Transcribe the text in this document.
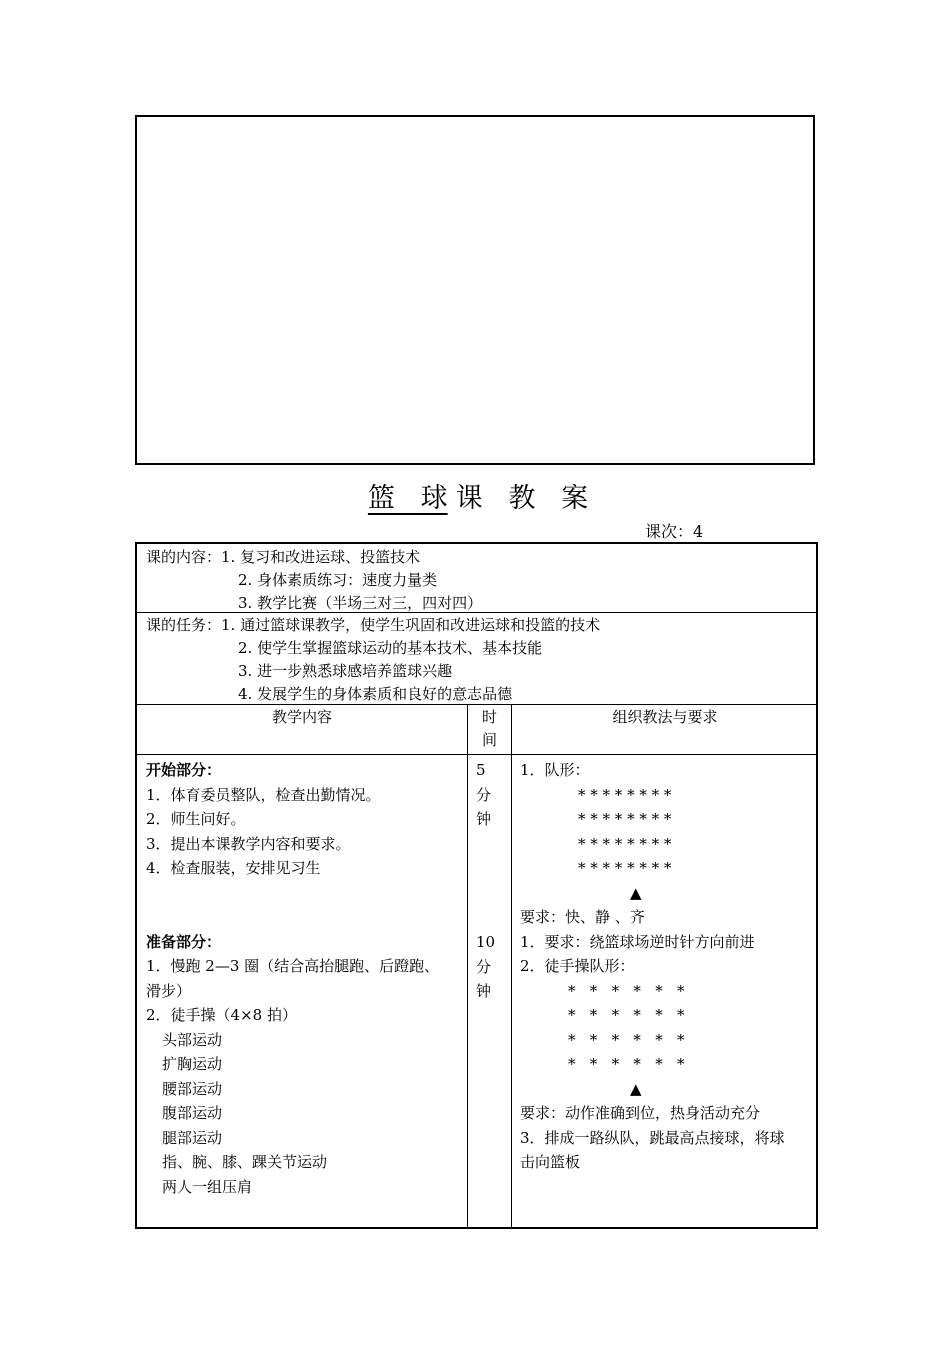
篮   球 课   教   案
课次：4
课的内容：1. 复习和改进运球、投篮技术
2. 身体素质练习：速度力量类
3. 教学比赛（半场三对三，四对四）
课的任务：1. 通过篮球课教学，使学生巩固和改进运球和投篮的技术
2. 使学生掌握篮球运动的基本技术、基本技能
3. 进一步熟悉球感培养篮球兴趣
4. 发展学生的身体素质和良好的意志品德
教学内容	时
间
组织教法与要求
开始部分：
1．体育委员整队，检查出勤情况。
2．师生问好。
3．提出本课教学内容和要求。
4．检查服装，安排见习生
准备部分：
1．慢跑 2—3 圈（结合高抬腿跑、后蹬跑、
滑步）
2．徒手操（4×8 拍）
头部运动
扩胸运动
腰部运动
腹部运动
腿部运动
指、腕、膝、踝关节运动
两人一组压肩
5
分
钟
10
分
钟
1．队形：
* * * * * * * *
* * * * * * * *
* * * * * * * *
* * * * * * * *
▲
要求：快、静 、齐
1．要求：绕篮球场逆时针方向前进
2．徒手操队形：
*   *   *   *   *   *
*   *   *   *   *   *
*   *   *   *   *   *
*   *   *   *   *   *
▲
要求：动作准确到位，热身活动充分
3．排成一路纵队，跳最高点接球，将球
击向篮板
